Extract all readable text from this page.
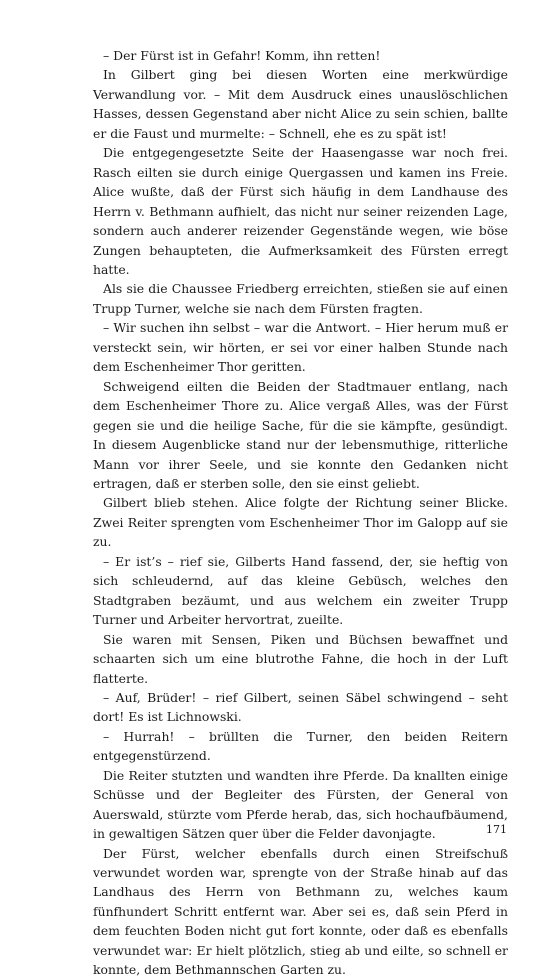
– Der Fürst ist in Gefahr! Komm, ihn retten!

In Gilbert ging bei diesen Worten eine merkwürdige Verwandlung vor. – Mit dem Ausdruck eines unauslöschlichen Hasses, dessen Gegenstand aber nicht Alice zu sein schien, ballte er die Faust und murmelte: – Schnell, ehe es zu spät ist!

Die entgegengesetzte Seite der Haasengasse war noch frei. Rasch eilten sie durch einige Quergassen und kamen ins Freie. Alice wußte, daß der Fürst sich häufig in dem Landhause des Herrn v. Bethmann aufhielt, das nicht nur seiner reizenden Lage, sondern auch anderer reizender Gegenstände wegen, wie böse Zungen behaupteten, die Aufmerksamkeit des Fürsten erregt hatte.

Als sie die Chaussee Friedberg erreichten, stießen sie auf einen Trupp Turner, welche sie nach dem Fürsten fragten.

– Wir suchen ihn selbst – war die Antwort. – Hier herum muß er versteckt sein, wir hörten, er sei vor einer halben Stunde nach dem Eschenheimer Thor geritten.

Schweigend eilten die Beiden der Stadtmauer entlang, nach dem Eschenheimer Thore zu. Alice vergaß Alles, was der Fürst gegen sie und die heilige Sache, für die sie kämpfte, gesündigt. In diesem Augenblicke stand nur der lebensmuthige, ritterliche Mann vor ihrer Seele, und sie konnte den Gedanken nicht ertragen, daß er sterben solle, den sie einst geliebt.

Gilbert blieb stehen. Alice folgte der Richtung seiner Blicke. Zwei Reiter sprengten vom Eschenheimer Thor im Galopp auf sie zu.

– Er ist’s – rief sie, Gilberts Hand fassend, der, sie heftig von sich schleudernd, auf das kleine Gebüsch, welches den Stadtgraben bezäumt, und aus welchem ein zweiter Trupp Turner und Arbeiter hervortrat, zueilte.

Sie waren mit Sensen, Piken und Büchsen bewaffnet und schaarten sich um eine blutrothe Fahne, die hoch in der Luft flatterte.

– Auf, Brüder! – rief Gilbert, seinen Säbel schwingend – seht dort! Es ist Lichnowski.

– Hurrah! – brüllten die Turner, den beiden Reitern entgegenstürzend.

Die Reiter stutzten und wandten ihre Pferde. Da knallten einige Schüsse und der Begleiter des Fürsten, der General von Auerswald, stürzte vom Pferde herab, das, sich hochaufbäumend, in gewaltigen Sätzen quer über die Felder davonjagte.

Der Fürst, welcher ebenfalls durch einen Streifschuß verwundet worden war, sprengte von der Straße hinab auf das Landhaus des Herrn von Bethmann zu, welches kaum fünfhundert Schritt entfernt war. Aber sei es, daß sein Pferd in dem feuchten Boden nicht gut fort konnte, oder daß es ebenfalls verwundet war: Er hielt plötzlich, stieg ab und eilte, so schnell er konnte, dem Bethmannschen Garten zu.

171
